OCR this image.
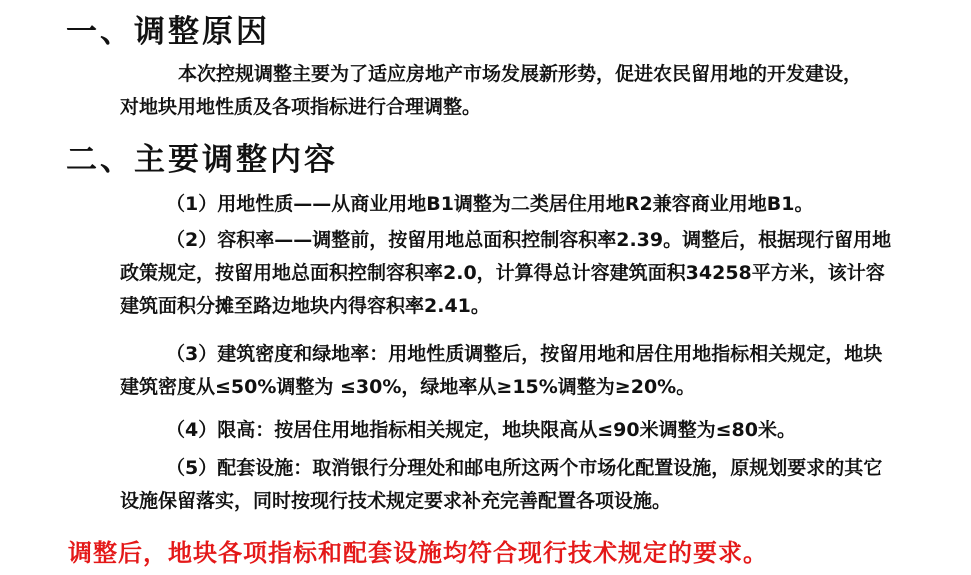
一、调整原因
本次控规调整主要为了适应房地产市场发展新形势，促进农民留用地的开发建设，
对地块用地性质及各项指标进行合理调整。
二、主要调整内容
（1）用地性质——从商业用地B1调整为二类居住用地R2兼容商业用地B1。
（2）容积率——调整前，按留用地总面积控制容积率2.39。调整后，根据现行留用地
政策规定，按留用地总面积控制容积率2.0，计算得总计容建筑面积34258平方米，该计容
建筑面积分摊至路边地块内得容积率2.41。
（3）建筑密度和绿地率：用地性质调整后，按留用地和居住用地指标相关规定，地块
建筑密度从≤50%调整为 ≤30%，绿地率从≥15%调整为≥20%。
（4）限高：按居住用地指标相关规定，地块限高从≤90米调整为≤80米。
（5）配套设施：取消银行分理处和邮电所这两个市场化配置设施，原规划要求的其它
设施保留落实，同时按现行技术规定要求补充完善配置各项设施。
调整后，地块各项指标和配套设施均符合现行技术规定的要求。
